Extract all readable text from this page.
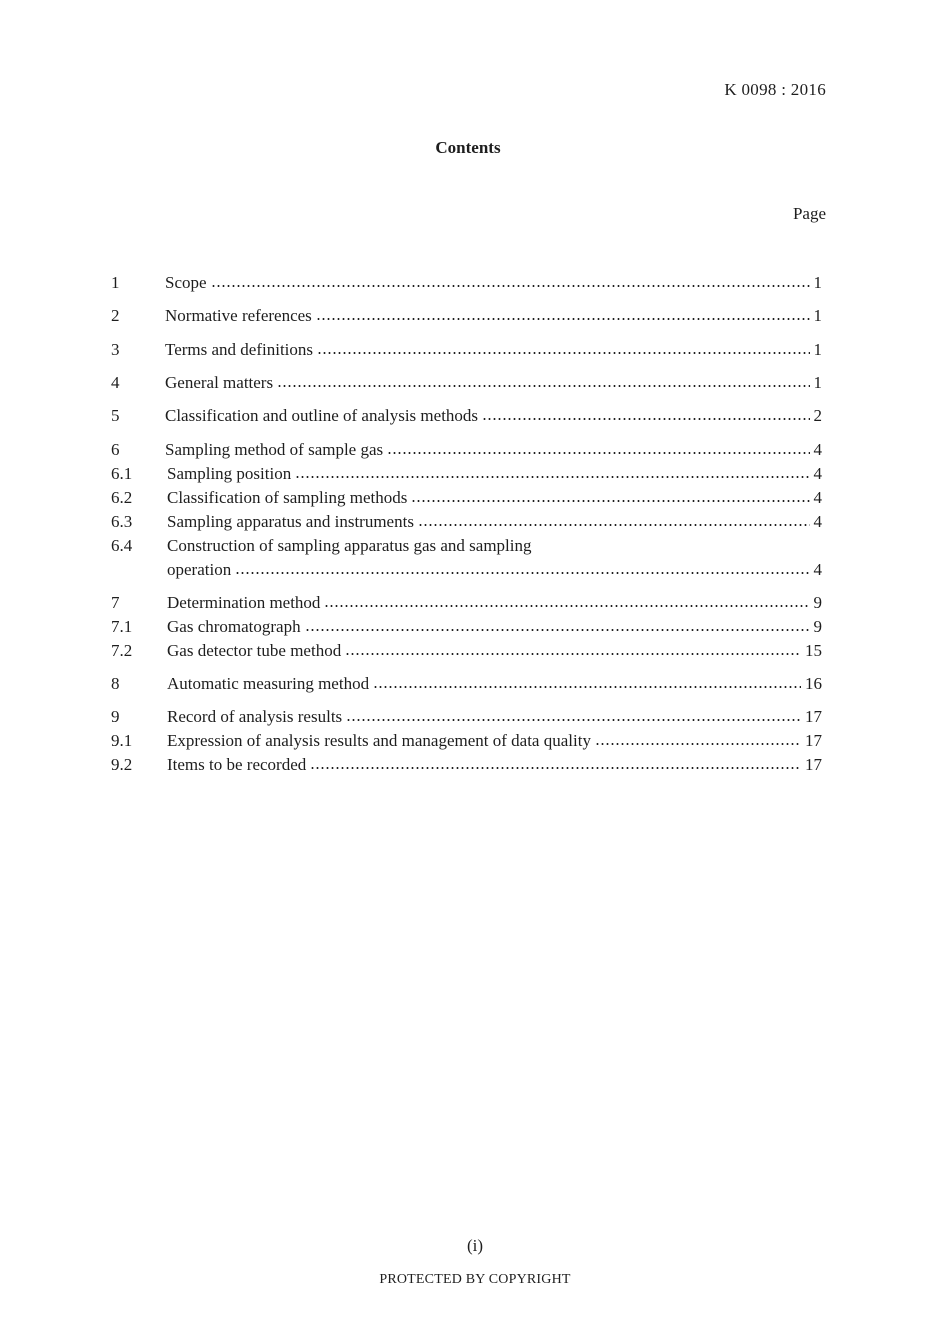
K 0098 : 2016
Contents
Page
1	Scope	1
2	Normative references	1
3	Terms and definitions	1
4	General matters	1
5	Classification and outline of analysis methods	2
6	Sampling method of sample gas	4
6.1 Sampling position	4
6.2 Classification of sampling methods	4
6.3 Sampling apparatus and instruments	4
6.4 Construction of sampling apparatus gas and sampling
operation	4
7	Determination method	9
7.1 Gas chromatograph	9
7.2 Gas detector tube method	15
8	Automatic measuring method	16
9	Record of analysis results	17
9.1 Expression of analysis results and management of data quality	17
9.2 Items to be recorded	17
(i)
PROTECTED BY COPYRIGHT
